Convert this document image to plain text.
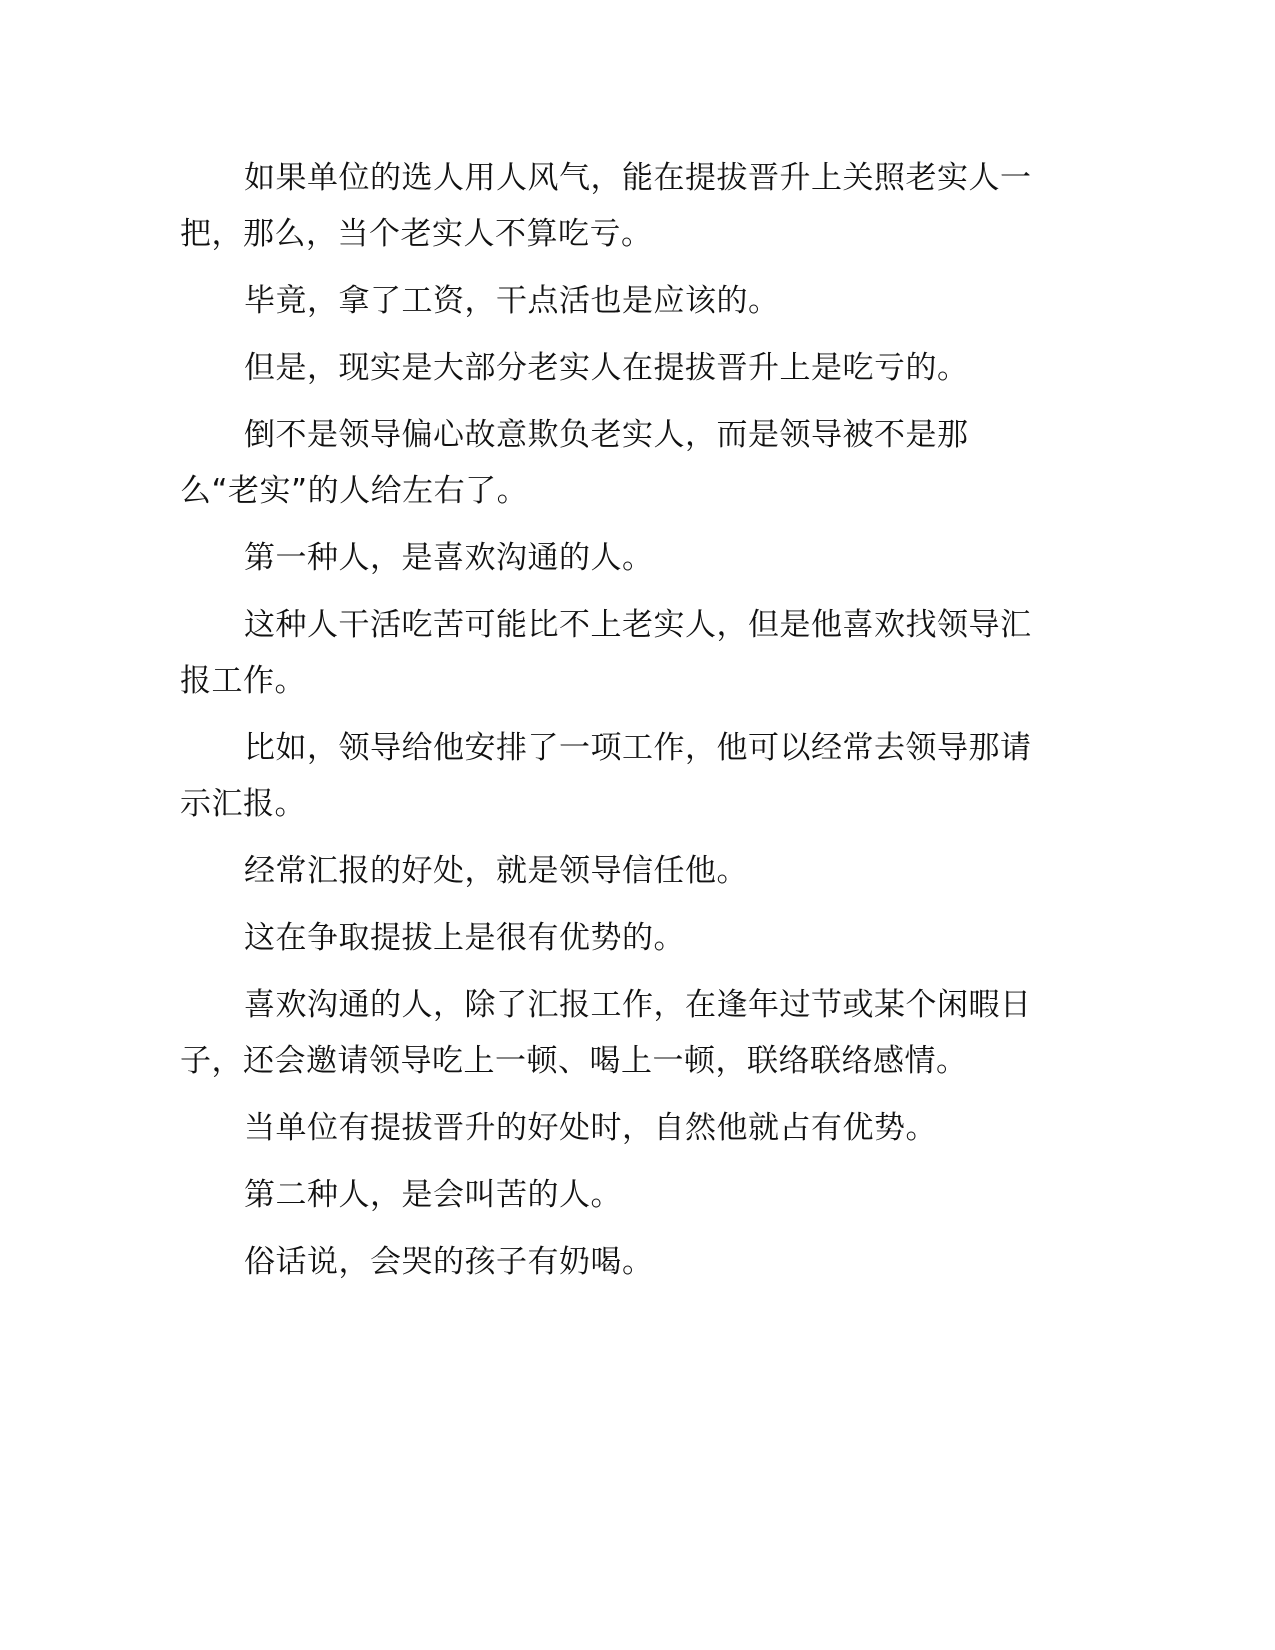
如果单位的选人用人风气，能在提拔晋升上关照老实人一把，那么，当个老实人不算吃亏。

毕竟，拿了工资，干点活也是应该的。

但是，现实是大部分老实人在提拔晋升上是吃亏的。

倒不是领导偏心故意欺负老实人，而是领导被不是那么“老实”的人给左右了。

第一种人，是喜欢沟通的人。

这种人干活吃苦可能比不上老实人，但是他喜欢找领导汇报工作。

比如，领导给他安排了一项工作，他可以经常去领导那请示汇报。

经常汇报的好处，就是领导信任他。

这在争取提拔上是很有优势的。

喜欢沟通的人，除了汇报工作，在逢年过节或某个闲暇日子，还会邀请领导吃上一顿、喝上一顿，联络联络感情。

当单位有提拔晋升的好处时，自然他就占有优势。

第二种人，是会叫苦的人。

俗话说，会哭的孩子有奶喝。
